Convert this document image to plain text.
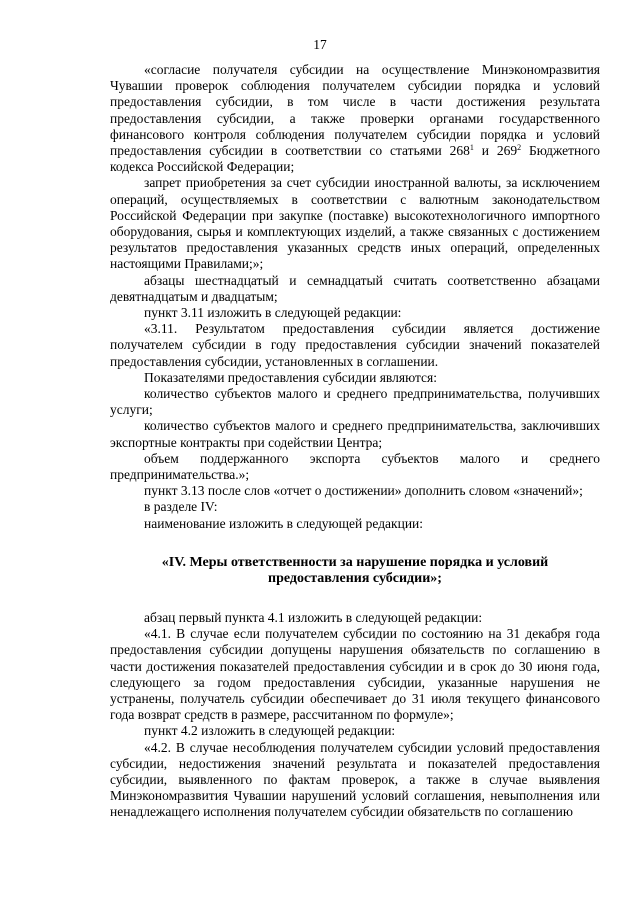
17

«согласие получателя субсидии на осуществление Минэкономразвития Чувашии проверок соблюдения получателем субсидии порядка и условий предоставления субсидии, в том числе в части достижения результата предоставления субсидии, а также проверки органами государственного финансового контроля соблюдения получателем субсидии порядка и условий предоставления субсидии в соответствии со статьями $268^1$ и $269^2$ Бюджетного кодекса Российской Федерации;

запрет приобретения за счет субсидии иностранной валюты, за исключением операций, осуществляемых в соответствии с валютным законодательством Российской Федерации при закупке (поставке) высокотехнологичного импортного оборудования, сырья и комплектующих изделий, а также связанных с достижением результатов предоставления указанных средств иных операций, определенных настоящими Правилами;»;

абзацы шестнадцатый и семнадцатый считать соответственно абзацами девятнадцатым и двадцатым;

пункт 3.11 изложить в следующей редакции:

«3.11. Результатом предоставления субсидии является достижение получателем субсидии в году предоставления субсидии значений показателей предоставления субсидии, установленных в соглашении.

Показателями предоставления субсидии являются:

количество субъектов малого и среднего предпринимательства, получивших услуги;

количество субъектов малого и среднего предпринимательства, заключивших экспортные контракты при содействии Центра;

объем поддержанного экспорта субъектов малого и среднего предпринимательства.»;

пункт 3.13 после слов «отчет о достижении» дополнить словом «значений»;

в разделе IV:

наименование изложить в следующей редакции:

«IV. Меры ответственности за нарушение порядка и условий
предоставления субсидии»;

абзац первый пункта 4.1 изложить в следующей редакции:

«4.1. В случае если получателем субсидии по состоянию на 31 декабря года предоставления субсидии допущены нарушения обязательств по соглашению в части достижения показателей предоставления субсидии и в срок до 30 июня года, следующего за годом предоставления субсидии, указанные нарушения не устранены, получатель субсидии обеспечивает до 31 июля текущего финансового года возврат средств в размере, рассчитанном по формуле»;

пункт 4.2 изложить в следующей редакции:

«4.2. В случае несоблюдения получателем субсидии условий предоставления субсидии, недостижения значений результата и показателей предоставления субсидии, выявленного по фактам проверок, а также в случае выявления Минэкономразвития Чувашии нарушений условий соглашения, невыполнения или ненадлежащего исполнения получателем субсидии обязательств по соглашению
